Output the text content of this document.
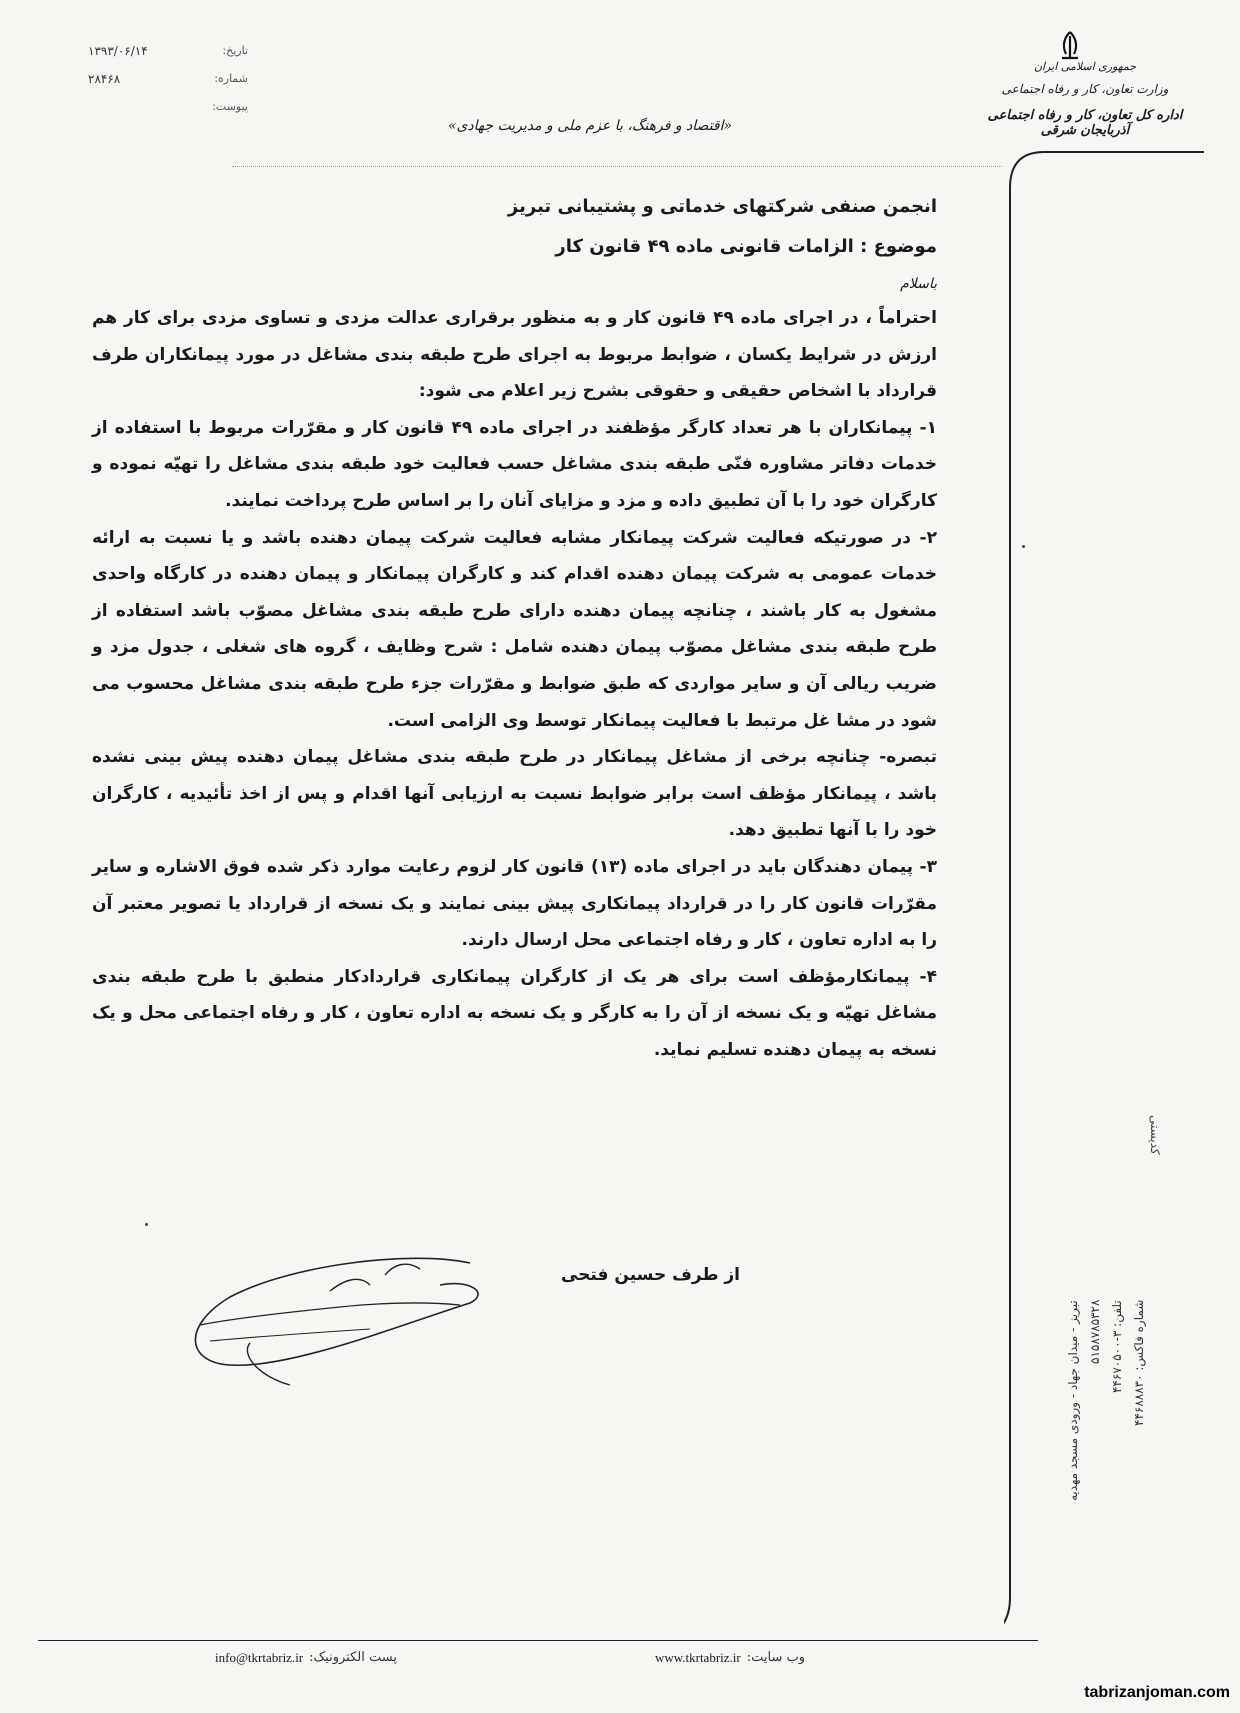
جمهوری اسلامی ایران
وزارت تعاون، کار و رفاه اجتماعی
اداره کل تعاون، کار و رفاه اجتماعی آذربایجان شرقی
«اقتصاد و فرهنگ، با عزم ملی و مدیریت جهادی»
تاریخ:
۱۳۹۳/۰۶/۱۴
شماره:
۲۸۴۶۸
پیوست:
انجمن صنفی شرکتهای خدماتی و پشتیبانی تبریز
موضوع : الزامات قانونی ماده ۴۹ قانون کار
باسلام

احتراماً ، در اجرای ماده ۴۹ قانون کار و به منظور برقراری عدالت مزدی و تساوی مزدی برای کار هم ارزش در شرایط یکسان ، ضوابط مربوط به اجرای طرح طبقه بندی مشاغل در مورد پیمانکاران طرف قرارداد با اشخاص حقیقی و حقوقی بشرح زیر اعلام می شود:

۱- پیمانکاران با هر تعداد کارگر مؤظفند در اجرای ماده ۴۹ قانون کار و مقرّرات مربوط با استفاده از خدمات دفاتر مشاوره فنّی طبقه بندی مشاغل حسب فعالیت خود طبقه بندی مشاغل را تهیّه نموده و کارگران خود را با آن تطبیق داده و مزد و مزایای آنان را بر اساس طرح پرداخت نمایند.

۲- در صورتیکه فعالیت شرکت پیمانکار مشابه فعالیت شرکت پیمان دهنده باشد و یا نسبت به ارائه خدمات عمومی به شرکت پیمان دهنده اقدام کند و کارگران پیمانکار و پیمان دهنده در کارگاه واحدی مشغول به کار باشند ، چنانچه پیمان دهنده دارای طرح طبقه بندی مشاغل مصوّب باشد استفاده از طرح طبقه بندی مشاغل مصوّب پیمان دهنده شامل : شرح وظایف ، گروه های شغلی ، جدول مزد و ضریب ریالی آن و سایر مواردی که طبق ضوابط و مقرّرات جزء طرح طبقه بندی مشاغل محسوب می شود در مشا غل مرتبط با فعالیت پیمانکار توسط وی الزامی است.

تبصره- چنانچه برخی از مشاغل پیمانکار در طرح طبقه بندی مشاغل پیمان دهنده پیش بینی نشده باشد ، پیمانکار مؤظف است برابر ضوابط نسبت به ارزیابی آنها اقدام و پس از اخذ تأئیدیه ، کارگران خود را با آنها تطبیق دهد.

۳- پیمان دهندگان باید در اجرای ماده (۱۳) قانون کار لزوم رعایت موارد ذکر شده فوق الاشاره و سایر مقرّرات قانون کار را در قرارداد پیمانکاری پیش بینی نمایند و یک نسخه از قرارداد یا تصویر معتبر آن را به اداره تعاون ، کار و رفاه اجتماعی محل ارسال دارند.

۴- پیمانکارمؤظف است برای هر یک از کارگران پیمانکاری قراردادکار منطبق با طرح طبقه بندی مشاغل تهیّه و یک نسخه از آن را به کارگر و یک نسخه به اداره تعاون ، کار و رفاه اجتماعی محل و یک نسخه به پیمان دهنده تسلیم نماید.

از طرف حسین فتحی
کدپستی
تبریز - میدان جهاد - ورودی مسجد مهدیه ۵۱۵۸۷۸۵۳۲۸
تلفن: ۳-۴۴۶۷۰۵۰۰
شماره فاکس: ۴۴۶۸۸۸۳۰
وب سایت:
www.tkrtabriz.ir
پست الکترونیک:
info@tkrtabriz.ir
tabrizanjoman.com
